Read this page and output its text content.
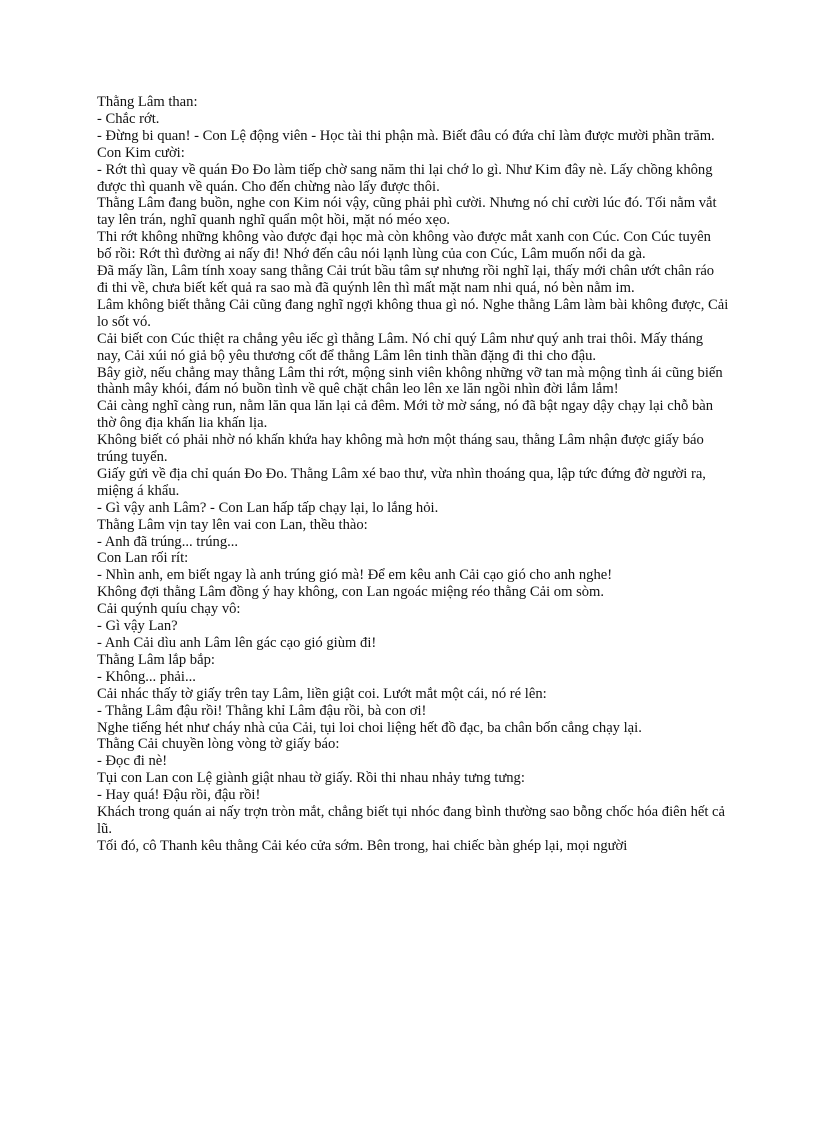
Thằng Lâm than:

- Chắc rớt.

- Đừng bi quan! - Con Lệ động viên - Học tài thi phận mà. Biết đâu có đứa chỉ làm được mười phần trăm.

Con Kim cười:

- Rớt thì quay về quán Đo Đo làm tiếp chờ sang năm thi lại chớ lo gì. Như Kim đây nè. Lấy chồng không được thì quanh về quán. Cho đến chừng nào lấy được thôi.

Thằng Lâm đang buồn, nghe con Kim nói vậy, cũng phải phì cười. Nhưng nó chỉ cười lúc đó. Tối nằm vắt tay lên trán, nghĩ quanh nghĩ quẩn một hồi, mặt nó méo xẹo.

Thi rớt không những không vào được đại học mà còn không vào được mắt xanh con Cúc. Con Cúc tuyên bố rồi: Rớt thì đường ai nấy đi! Nhớ đến câu nói lạnh lùng của con Cúc, Lâm muốn nổi da gà.

Đã mấy lần, Lâm tính xoay sang thằng Cải trút bầu tâm sự nhưng rồi nghĩ lại, thấy mới chân ướt chân ráo đi thi về, chưa biết kết quả ra sao mà đã quýnh lên thì mất mặt nam nhi quá, nó bèn nằm im.

Lâm không biết thằng Cải cũng đang nghĩ ngợi không thua gì nó. Nghe thằng Lâm làm bài không được, Cải lo sốt vó.

Cải biết con Cúc thiệt ra chẳng yêu iếc gì thằng Lâm. Nó chỉ quý Lâm như quý anh trai thôi. Mấy tháng nay, Cải xúi nó giả bộ yêu thương cốt để thằng Lâm lên tinh thần đặng đi thi cho đậu.

Bây giờ, nếu chẳng may thằng Lâm thi rớt, mộng sinh viên không những vỡ tan mà mộng tình ái cũng biến thành mây khói, đám nó buồn tình về quê chặt chân leo lên xe lăn ngồi nhìn đời lắm lắm!

Cải càng nghĩ càng run, nằm lăn qua lăn lại cả đêm. Mới tờ mờ sáng, nó đã bật ngay dậy chạy lại chỗ bàn thờ ông địa khấn lia khấn lịa.

Không biết có phải nhờ nó khấn khứa hay không mà hơn một tháng sau, thằng Lâm nhận được giấy báo trúng tuyển.

Giấy gửi về địa chỉ quán Đo Đo. Thằng Lâm xé bao thư, vừa nhìn thoáng qua, lập tức đứng đờ người ra, miệng á khẩu.

- Gì vậy anh Lâm? - Con Lan hấp tấp chạy lại, lo lắng hỏi.

Thằng Lâm vịn tay lên vai con Lan, thều thào:

- Anh đã trúng... trúng...

Con Lan rối rít:

- Nhìn anh, em biết ngay là anh trúng gió mà! Để em kêu anh Cải cạo gió cho anh nghe!

Không đợi thằng Lâm đồng ý hay không, con Lan ngoác miệng réo thằng Cải om sòm.

Cải quýnh quíu chạy vô:

- Gì vậy Lan?

- Anh Cải dìu anh Lâm lên gác cạo gió giùm đi!

Thằng Lâm lắp bắp:

- Không... phải...

Cải nhác thấy tờ giấy trên tay Lâm, liền giật coi. Lướt mắt một cái, nó ré lên:

- Thằng Lâm đậu rồi! Thằng khỉ Lâm đậu rồi, bà con ơi!

Nghe tiếng hét như cháy nhà của Cải, tụi loi choi liệng hết đồ đạc, ba chân bốn cẳng chạy lại.

Thằng Cải chuyền lòng vòng tờ giấy báo:

- Đọc đi nè!

Tụi con Lan con Lệ giành giật nhau tờ giấy. Rồi thi nhau nhảy tưng tưng:

- Hay quá! Đậu rồi, đậu rồi!

Khách trong quán ai nấy trợn tròn mắt, chẳng biết tụi nhóc đang bình thường sao bỗng chốc hóa điên hết cả lũ.

Tối đó, cô Thanh kêu thằng Cải kéo cửa sớm. Bên trong, hai chiếc bàn ghép lại, mọi người
